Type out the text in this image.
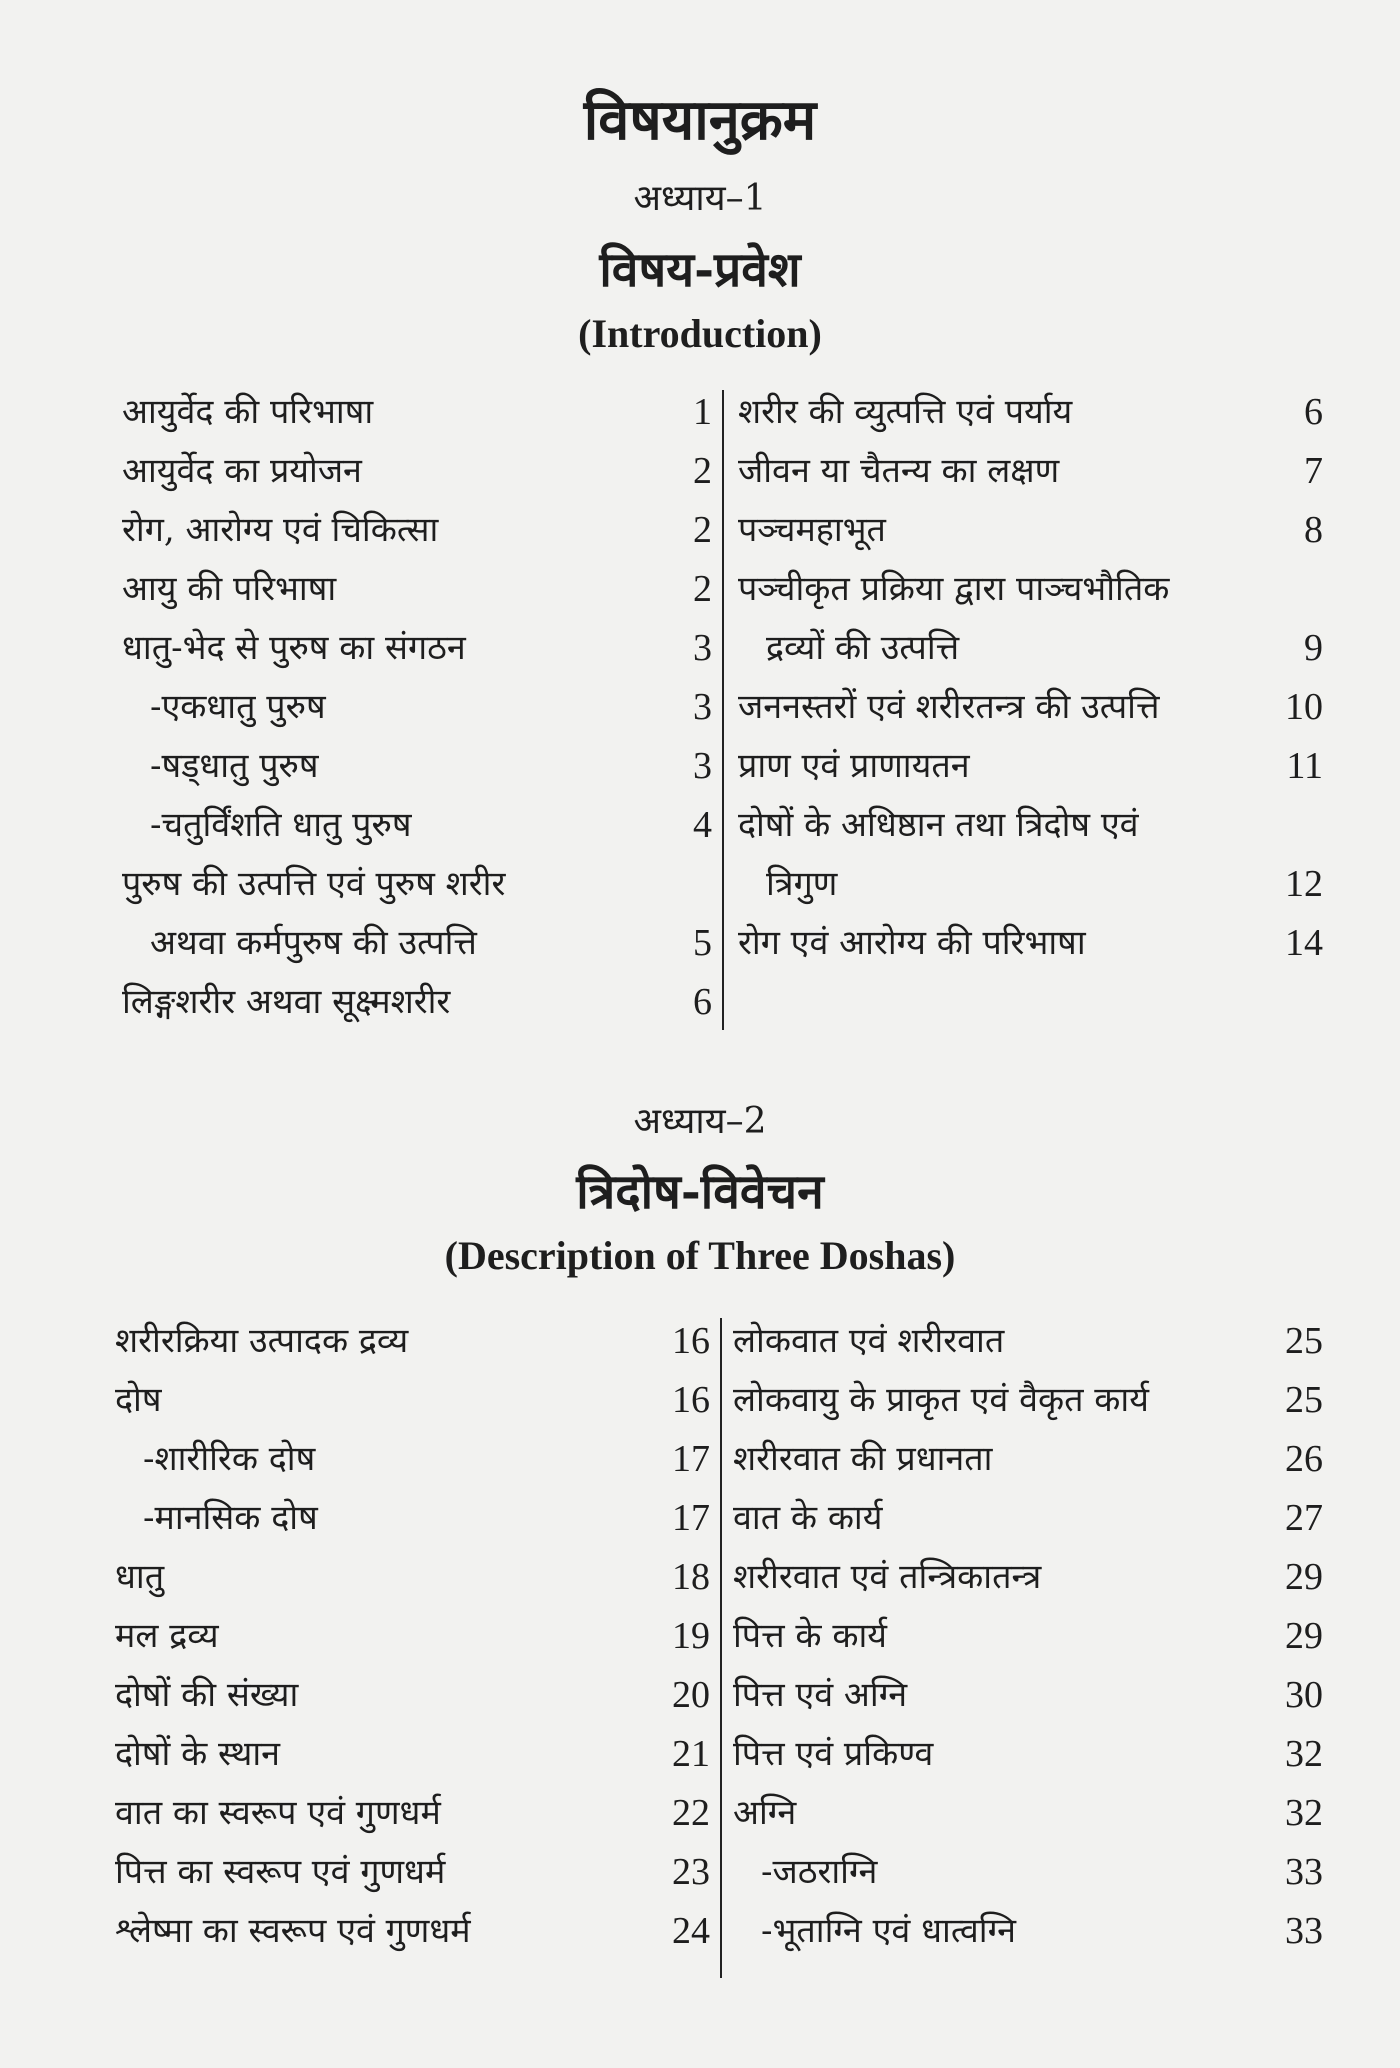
विषयानुक्रम
अध्याय–1
विषय-प्रवेश
(Introduction)
आयुर्वेद की परिभाषा	1
आयुर्वेद का प्रयोजन	2
रोग, आरोग्य एवं चिकित्सा	2
आयु की परिभाषा	2
धातु-भेद से पुरुष का संगठन	3
-एकधातु पुरुष	3
-षड्धातु पुरुष	3
-चतुर्विंशति धातु पुरुष	4
पुरुष की उत्पत्ति एवं पुरुष शरीर
अथवा कर्मपुरुष की उत्पत्ति	5
लिङ्गशरीर अथवा सूक्ष्मशरीर	6
शरीर की व्युत्पत्ति एवं पर्याय	6
जीवन या चैतन्य का लक्षण	7
पञ्चमहाभूत	8
पञ्चीकृत प्रक्रिया द्वारा पाञ्चभौतिक
द्रव्यों की उत्पत्ति	9
जननस्तरों एवं शरीरतन्त्र की उत्पत्ति	10
प्राण एवं प्राणायतन	11
दोषों के अधिष्ठान तथा त्रिदोष एवं
त्रिगुण	12
रोग एवं आरोग्य की परिभाषा	14
अध्याय–2
त्रिदोष-विवेचन
(Description of Three Doshas)
शरीरक्रिया उत्पादक द्रव्य	16
दोष	16
-शारीरिक दोष	17
-मानसिक दोष	17
धातु	18
मल द्रव्य	19
दोषों की संख्या	20
दोषों के स्थान	21
वात का स्वरूप एवं गुणधर्म	22
पित्त का स्वरूप एवं गुणधर्म	23
श्लेष्मा का स्वरूप एवं गुणधर्म	24
लोकवात एवं शरीरवात	25
लोकवायु के प्राकृत एवं वैकृत कार्य	25
शरीरवात की प्रधानता	26
वात के कार्य	27
शरीरवात एवं तन्त्रिकातन्त्र	29
पित्त के कार्य	29
पित्त एवं अग्नि	30
पित्त एवं प्रकिण्व	32
अग्नि	32
-जठराग्नि	33
-भूताग्नि एवं धात्वग्नि	33
